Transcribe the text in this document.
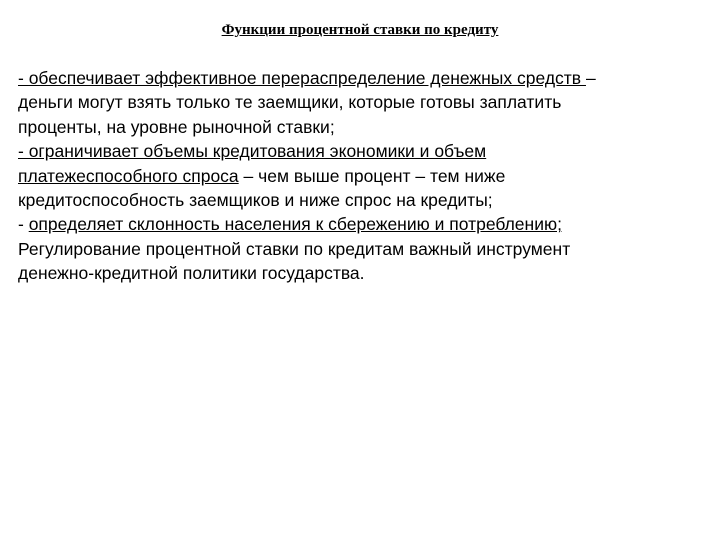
Функции процентной ставки по кредиту
- обеспечивает эффективное перераспределение денежных средств –
деньги могут взять только те заемщики, которые готовы заплатить
проценты, на уровне рыночной ставки;
- ограничивает объемы кредитования экономики и объем
платежеспособного спроса – чем выше процент – тем ниже
кредитоспособность заемщиков и ниже спрос на кредиты;
- определяет склонность населения к сбережению и потреблению;
Регулирование процентной ставки по кредитам важный инструмент
денежно-кредитной политики государства.
